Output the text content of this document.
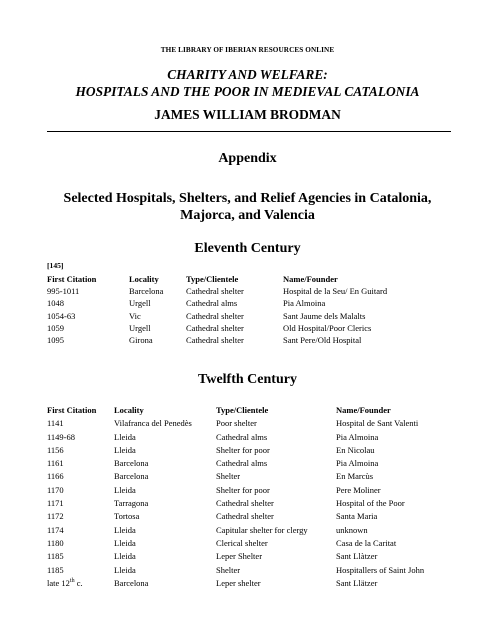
THE LIBRARY OF IBERIAN RESOURCES ONLINE
CHARITY AND WELFARE:
HOSPITALS AND THE POOR IN MEDIEVAL CATALONIA
JAMES WILLIAM BRODMAN
Appendix
Selected Hospitals, Shelters, and Relief Agencies in Catalonia,
Majorca, and Valencia
Eleventh Century
[145]
First Citation	Locality	Type/Clientele	Name/Founder
995-1011	Barcelona	Cathedral shelter	Hospital de la Seu/ En Guitard
1048	Urgell	Cathedral alms	Pia Almoina
1054-63	Vic	Cathedral shelter	Sant Jaume dels Malalts
1059	Urgell	Cathedral shelter	Old Hospital/Poor Clerics
1095	Girona	Cathedral shelter	Sant Pere/Old Hospital
Twelfth Century
First Citation	Locality	Type/Clientele	Name/Founder
1141	Vilafranca del Penedès	Poor shelter	Hospital de Sant Valenti
1149-68	Lleida	Cathedral alms	Pia Almoina
1156	Lleida	Shelter for poor	En Nicolau
1161	Barcelona	Cathedral alms	Pia Almoina
1166	Barcelona	Shelter	En Marcùs
1170	Lleida	Shelter for poor	Pere Moliner
1171	Tarragona	Cathedral shelter	Hospital of the Poor
1172	Tortosa	Cathedral shelter	Santa Maria
1174	Lleida	Capitular shelter for clergy	unknown
1180	Lleida	Clerical shelter	Casa de la Caritat
1185	Lleida	Leper Shelter	Sant Llàtzer
1185	Lleida	Shelter	Hospitallers of Saint John
late 12th c.	Barcelona	Leper shelter	Sant Llätzer
